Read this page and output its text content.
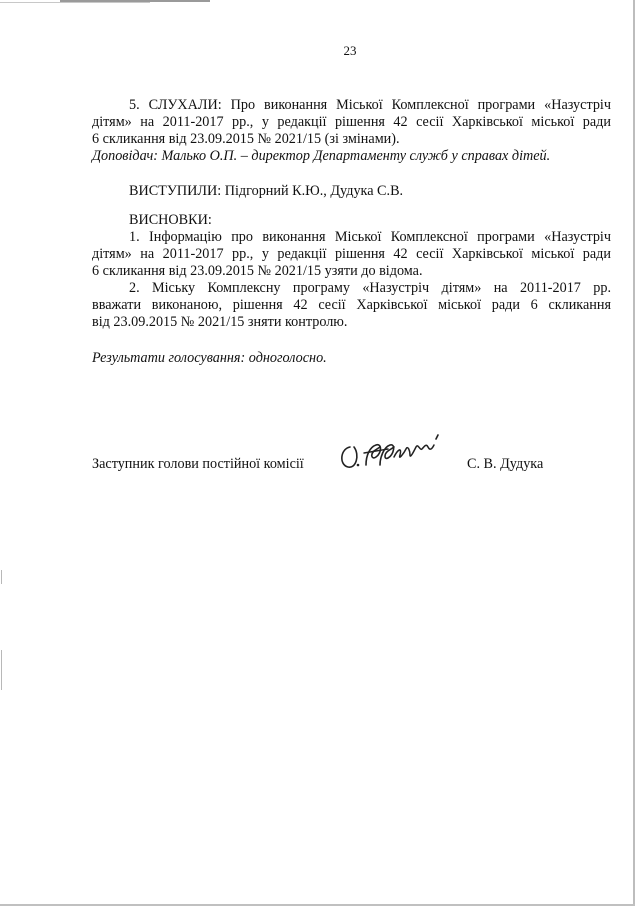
23
5. СЛУХАЛИ: Про виконання Міської Комплексної програми «Назустріч
дітям» на 2011-2017 рр., у редакції рішення 42 сесії Харківської міської ради
6 скликання від 23.09.2015 № 2021/15 (зі змінами).
Доповідач: Малько О.П. – директор Департаменту служб у справах дітей.
ВИСТУПИЛИ: Підгорний К.Ю., Дудука С.В.
ВИСНОВКИ:
1. Інформацію про виконання Міської Комплексної програми «Назустріч
дітям» на 2011-2017 рр., у редакції рішення 42 сесії Харківської міської ради
6 скликання від 23.09.2015 № 2021/15 узяти до відома.
2. Міську Комплексну програму «Назустріч дітям» на 2011-2017 рр.
вважати виконаною, рішення 42 сесії Харківської міської ради 6 скликання
від 23.09.2015 № 2021/15 зняти контролю.
Результати голосування: одноголосно.
Заступник голови постійної комісії	С. В. Дудука
